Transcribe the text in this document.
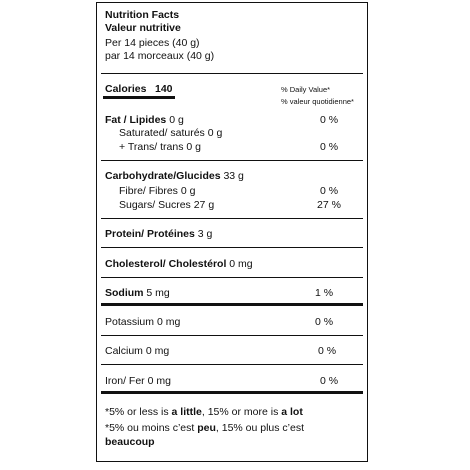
Nutrition Facts
Valeur nutritive
Per 14 pieces (40 g)
par 14 morceaux (40 g)
Calories 140	% Daily Value*
% valeur quotidienne*
Fat / Lipides 0 g	0 %
Saturated/ saturés 0 g
+ Trans/ trans 0 g	0 %
Carbohydrate/Glucides 33 g
Fibre/ Fibres 0 g	0 %
Sugars/ Sucres 27 g	27 %
Protein/ Protéines 3 g
Cholesterol/ Cholestérol 0 mg
Sodium 5 mg	1 %
Potassium 0 mg	0 %
Calcium 0 mg	0 %
Iron/ Fer 0 mg	0 %
*5% or less is a little, 15% or more is a lot
*5% ou moins c’est peu, 15% ou plus c’est
beaucoup
